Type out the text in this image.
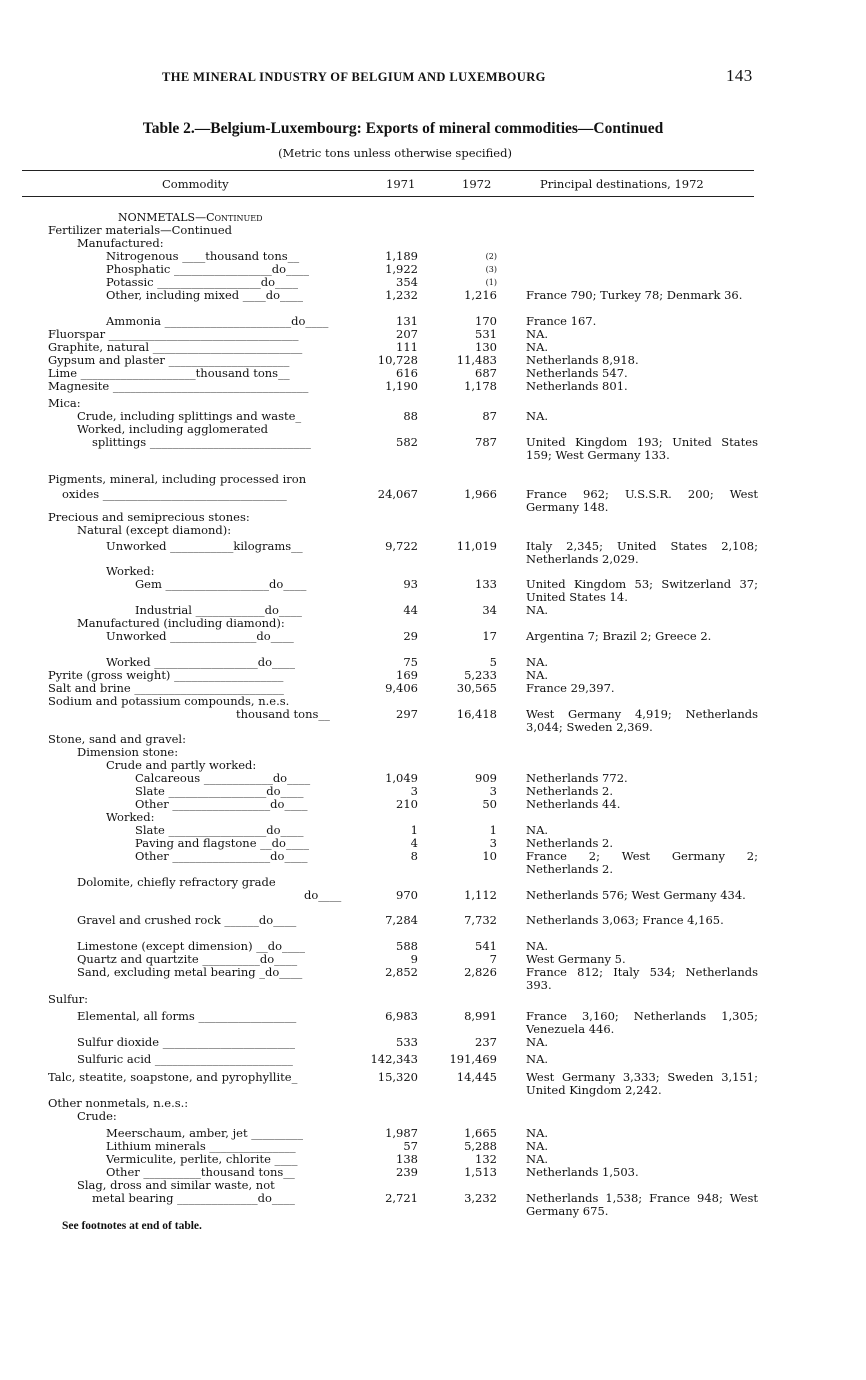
THE MINERAL INDUSTRY OF BELGIUM AND LUXEMBOURG	143
Table 2.—Belgium-Luxembourg: Exports of mineral commodities—Continued
(Metric tons unless otherwise specified)
Commodity	1971	1972	Principal destinations, 1972
NONMETALS—Continued
Fertilizer materials—Continued
Manufactured:
Nitrogenous ____thousand tons__	1,189	(2)
Phosphatic _________________do____	1,922	(3)
Potassic __________________do____	354	(1)
Other, including mixed ____do____	1,232	1,216	France 790; Turkey 78; Denmark 36.
Ammonia ______________________do____	131	170	France 167.
Fluorspar _________________________________	207	531	NA.
Graphite, natural __________________________	111	130	NA.
Gypsum and plaster _____________________	10,728	11,483	Netherlands 8,918.
Lime ____________________thousand tons__	616	687	Netherlands 547.
Magnesite __________________________________	1,190	1,178	Netherlands 801.
Mica:
Crude, including splittings and waste_	88	87	NA.
Worked, including agglomerated
splittings ____________________________	582	787	United Kingdom 193; United States 159; West Germany 133.
Pigments, mineral, including processed iron
oxides ________________________________	24,067	1,966	France 962; U.S.S.R. 200; West Germany 148.
Precious and semiprecious stones:
Natural (except diamond):
Unworked ___________kilograms__	9,722	11,019	Italy 2,345; United States 2,108; Netherlands 2,029.
Worked:
Gem __________________do____	93	133	United Kingdom 53; Switzerland 37; United States 14.
Industrial ____________do____	44	34	NA.
Manufactured (including diamond):
Unworked _______________do____	29	17	Argentina 7; Brazil 2; Greece 2.
Worked __________________do____	75	5	NA.
Pyrite (gross weight) ___________________	169	5,233	NA.
Salt and brine __________________________	9,406	30,565	France 29,397.
Sodium and potassium compounds, n.e.s.
thousand tons__	297	16,418	West Germany 4,919; Netherlands 3,044; Sweden 2,369.
Stone, sand and gravel:
Dimension stone:
Crude and partly worked:
Calcareous ____________do____	1,049	909	Netherlands 772.
Slate _________________do____	3	3	Netherlands 2.
Other _________________do____	210	50	Netherlands 44.
Worked:
Slate _________________do____	1	1	NA.
Paving and flagstone __do____	4	3	Netherlands 2.
Other _________________do____	8	10	France 2; West Germany 2; Netherlands 2.
Dolomite, chiefly refractory grade
do____	970	1,112	Netherlands 576; West Germany 434.
Gravel and crushed rock ______do____	7,284	7,732	Netherlands 3,063; France 4,165.
Limestone (except dimension) __do____	588	541	NA.
Quartz and quartzite __________do____	9	7	West Germany 5.
Sand, excluding metal bearing _do____	2,852	2,826	France 812; Italy 534; Netherlands 393.
Sulfur:
Elemental, all forms _________________	6,983	8,991	France 3,160; Netherlands 1,305; Venezuela 446.
Sulfur dioxide _______________________	533	237	NA.
Sulfuric acid ________________________	142,343	191,469	NA.
Talc, steatite, soapstone, and pyrophyllite_	15,320	14,445	West Germany 3,333; Sweden 3,151; United Kingdom 2,242.
Other nonmetals, n.e.s.:
Crude:
Meerschaum, amber, jet _________	1,987	1,665	NA.
Lithium minerals _______________	57	5,288	NA.
Vermiculite, perlite, chlorite ____	138	132	NA.
Other __________thousand tons__	239	1,513	Netherlands 1,503.
Slag, dross and similar waste, not
metal bearing ______________do____	2,721	3,232	Netherlands 1,538; France 948; West Germany 675.
See footnotes at end of table.
